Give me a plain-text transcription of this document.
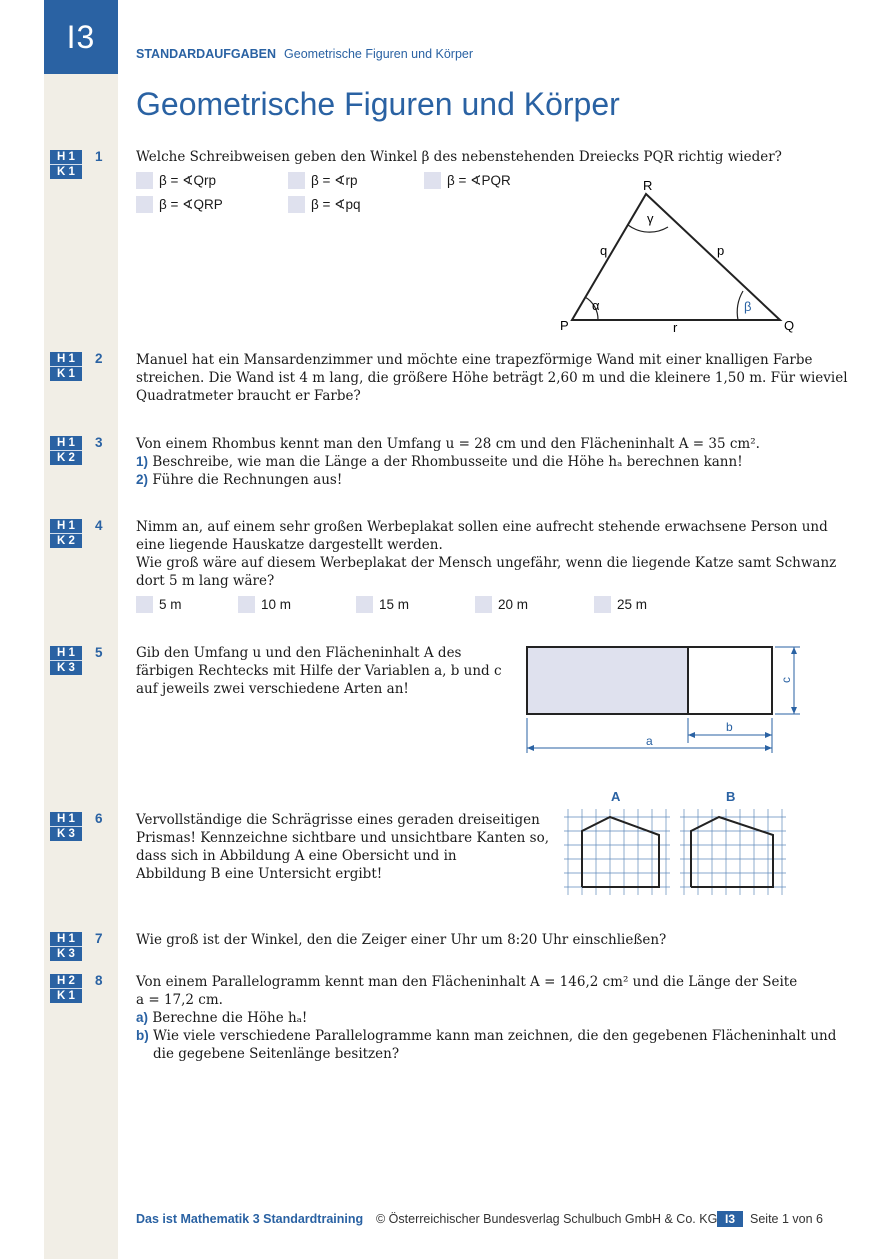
I3	STANDARDAUFGABEN Geometrische Figuren und Körper
Geometrische Figuren und Körper
H 1
K 1
1 Welche Schreibweisen geben den Winkel β des nebenstehenden Dreiecks PQR richtig wieder?
β = ∢Qrp	β = ∢rp	β = ∢PQR
β = ∢QRP	β = ∢pq
R
P	Q
q	p
r
α	β
γ
H 1
K 1
2 Manuel hat ein Mansardenzimmer und möchte eine trapezförmige Wand mit einer knalligen Farbe

streichen. Die Wand ist 4 m lang, die größere Höhe beträgt 2,60 m und die kleinere 1,50 m. Für wieviel

Quadratmeter braucht er Farbe?

H 1
K 2
3 Von einem Rhombus kennt man den Umfang u = 28 cm und den Flächeninhalt A = 35 cm².

1) Beschreibe, wie man die Länge a der Rhombusseite und die Höhe hₐ berechnen kann!

2) Führe die Rechnungen aus!

H 1
K 2
4 Nimm an, auf einem sehr großen Werbeplakat sollen eine aufrecht stehende erwachsene Person und

eine liegende Hauskatze dargestellt werden.

Wie groß wäre auf diesem Werbeplakat der Mensch ungefähr, wenn die liegende Katze samt Schwanz

dort 5 m lang wäre?

5 m	10 m	15 m	20 m	25 m
H 1
K 3
5 Gib den Umfang u und den Flächeninhalt A des

färbigen Rechtecks mit Hilfe der Variablen a, b und c

auf jeweils zwei verschiedene Arten an!

b
a
c
H 1
K 3
6 Vervollständige die Schrägrisse eines geraden dreiseitigen

Prismas! Kennzeichne sichtbare und unsichtbare Kanten so,

dass sich in Abbildung A eine Obersicht und in

Abbildung B eine Untersicht ergibt!

A	B
H 1
K 3
7 Wie groß ist der Winkel, den die Zeiger einer Uhr um 8:20 Uhr einschließen?
H 2
K 1
8 Von einem Parallelogramm kennt man den Flächeninhalt A = 146,2 cm² und die Länge der Seite

a = 17,2 cm.

a) Berechne die Höhe hₐ!

b) Wie viele verschiedene Parallelogramme kann man zeichnen, die den gegebenen Flächeninhalt und

die gegebene Seitenlänge besitzen?

Das ist Mathematik 3 Standardtraining © Österreichischer Bundesverlag Schulbuch GmbH & Co. KG I3	Seite 1 von 6
